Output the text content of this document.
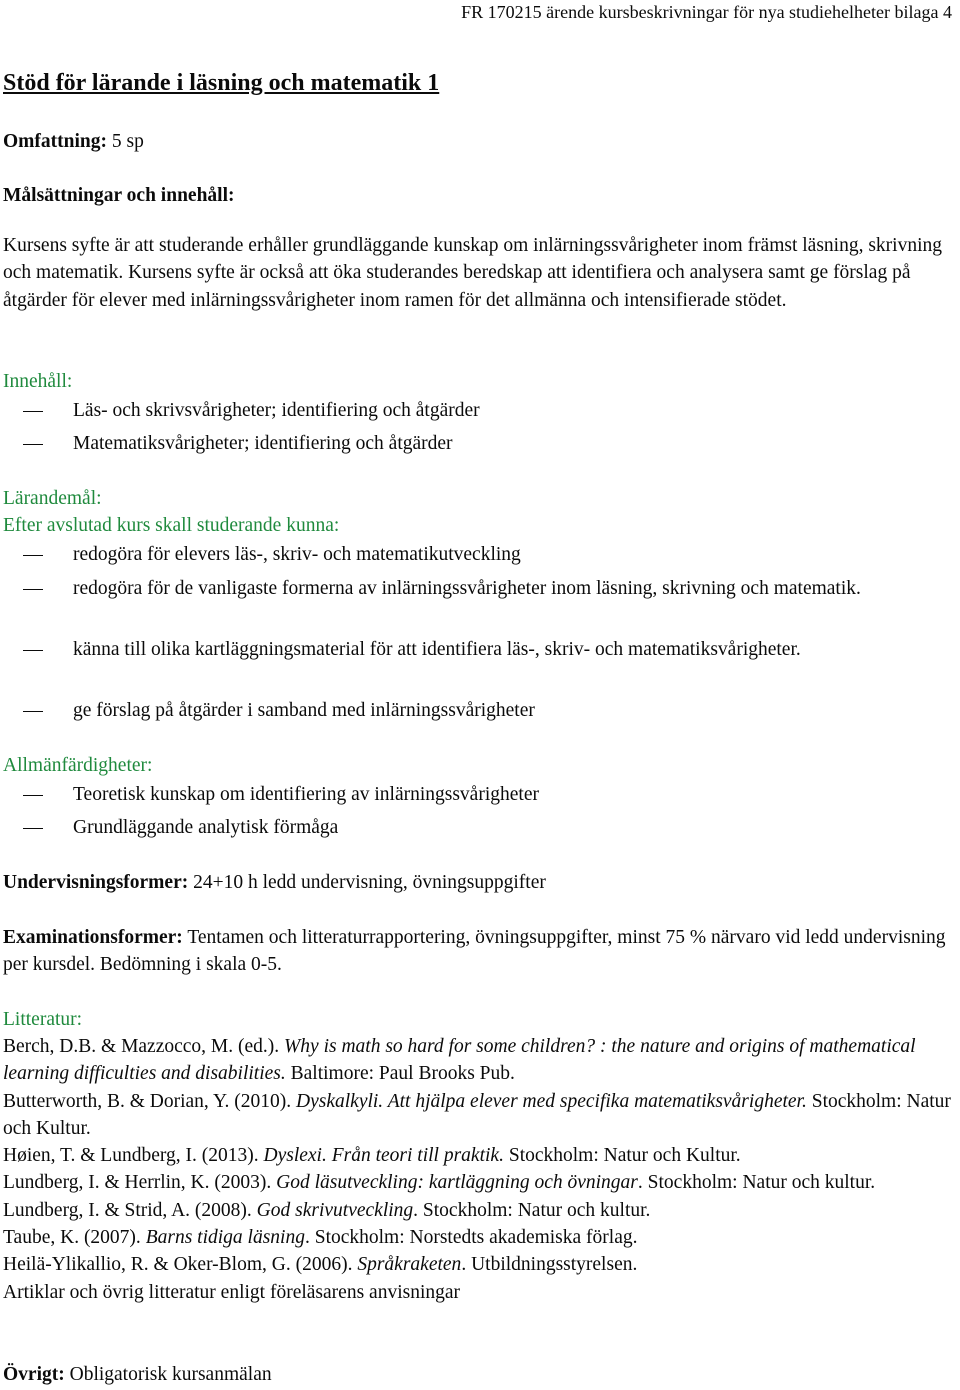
FR 170215 ärende kursbeskrivningar för nya studiehelheter bilaga 4
Stöd för lärande i läsning och matematik 1
Omfattning: 5 sp
Målsättningar och innehåll:
Kursens syfte är att studerande erhåller grundläggande kunskap om inlärningssvårigheter inom främst läsning, skrivning och matematik. Kursens syfte är också att öka studerandes beredskap att identifiera och analysera samt ge förslag på åtgärder för elever med inlärningssvårigheter inom ramen för det allmänna och intensifierade stödet.
Innehåll:
Läs- och skrivsvårigheter; identifiering och åtgärder
Matematiksvårigheter; identifiering och åtgärder
Lärandemål:
Efter avslutad kurs skall studerande kunna:
redogöra för elevers läs-, skriv- och matematikutveckling
redogöra för de vanligaste formerna av inlärningssvårigheter inom läsning, skrivning och matematik.
känna till olika kartläggningsmaterial för att identifiera läs-, skriv- och matematiksvårigheter.
ge förslag på åtgärder i samband med inlärningssvårigheter
Allmänfärdigheter:
Teoretisk kunskap om identifiering av inlärningssvårigheter
Grundläggande analytisk förmåga
Undervisningsformer: 24+10 h ledd undervisning, övningsuppgifter
Examinationsformer: Tentamen och litteraturrapportering, övningsuppgifter, minst 75 % närvaro vid ledd undervisning per kursdel. Bedömning i skala 0-5.
Litteratur:

Berch, D.B. & Mazzocco, M. (ed.). Why is math so hard for some children? : the nature and origins of mathematical learning difficulties and disabilities. Baltimore: Paul Brooks Pub.

Butterworth, B. & Dorian, Y. (2010). Dyskalkyli. Att hjälpa elever med specifika matematiksvårigheter. Stockholm: Natur och Kultur.

Høien, T. & Lundberg, I. (2013). Dyslexi. Från teori till praktik. Stockholm: Natur och Kultur.

Lundberg, I. & Herrlin, K. (2003). God läsutveckling: kartläggning och övningar. Stockholm: Natur och kultur.

Lundberg, I. & Strid, A. (2008). God skrivutveckling. Stockholm: Natur och kultur.

Taube, K. (2007). Barns tidiga läsning. Stockholm: Norstedts akademiska förlag.

Heilä-Ylikallio, R. & Oker-Blom, G. (2006). Språkraketen. Utbildningsstyrelsen.

Artiklar och övrig litteratur enligt föreläsarens anvisningar

Övrigt: Obligatorisk kursanmälan
